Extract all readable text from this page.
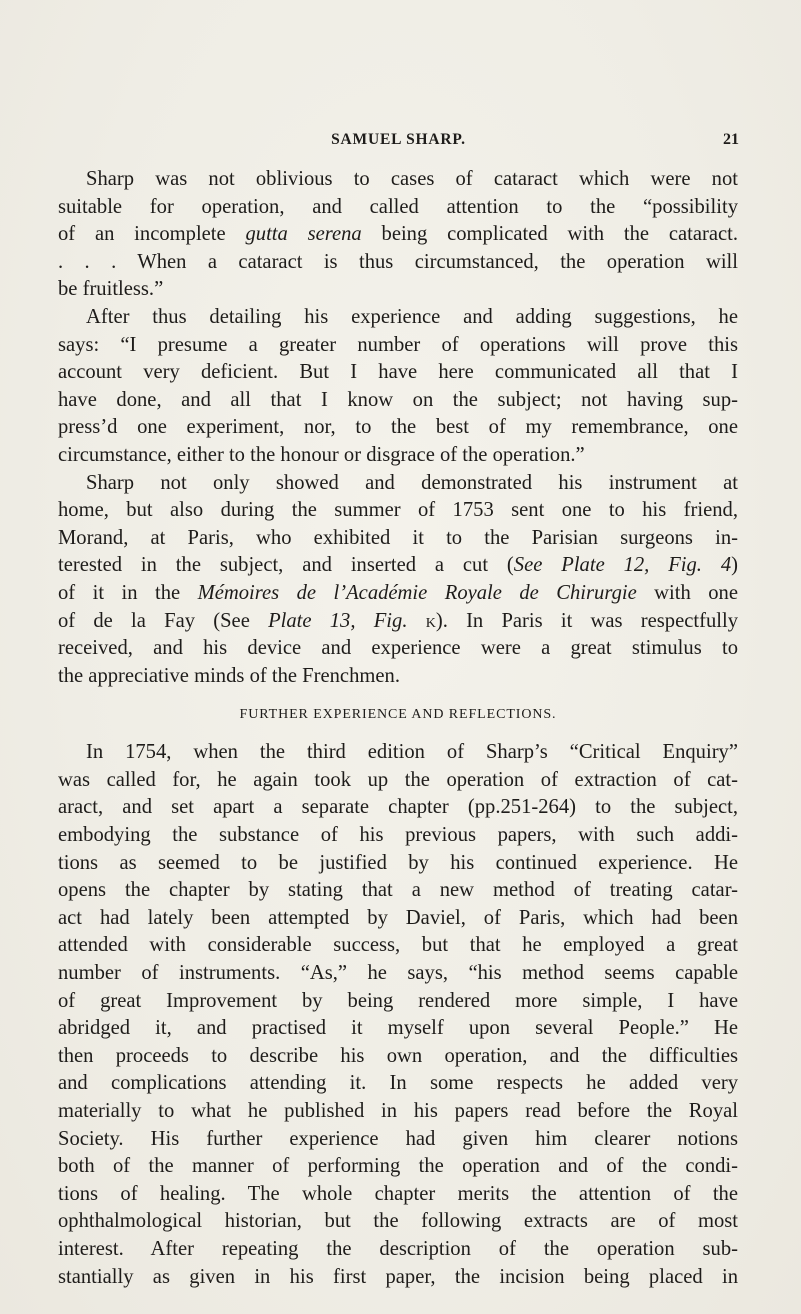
SAMUEL SHARP.	21
Sharp was not oblivious to cases of cataract which were not
suitable for operation, and called attention to the “possibility
of an incomplete gutta serena being complicated with the cataract.
. . . When a cataract is thus circumstanced, the operation will
be fruitless.”
After thus detailing his experience and adding suggestions, he
says: “I presume a greater number of operations will prove this
account very deficient. But I have here communicated all that I
have done, and all that I know on the subject; not having sup-
press’d one experiment, nor, to the best of my remembrance, one
circumstance, either to the honour or disgrace of the operation.”
Sharp not only showed and demonstrated his instrument at
home, but also during the summer of 1753 sent one to his friend,
Morand, at Paris, who exhibited it to the Parisian surgeons in-
terested in the subject, and inserted a cut (See Plate 12, Fig. 4)
of it in the Mémoires de l’Académie Royale de Chirurgie with one
of de la Fay (See Plate 13, Fig. k). In Paris it was respectfully
received, and his device and experience were a great stimulus to
the appreciative minds of the Frenchmen.
FURTHER EXPERIENCE AND REFLECTIONS.
In 1754, when the third edition of Sharp’s “Critical Enquiry”
was called for, he again took up the operation of extraction of cat-
aract, and set apart a separate chapter (pp.251-264) to the subject,
embodying the substance of his previous papers, with such addi-
tions as seemed to be justified by his continued experience. He
opens the chapter by stating that a new method of treating catar-
act had lately been attempted by Daviel, of Paris, which had been
attended with considerable success, but that he employed a great
number of instruments. “As,” he says, “his method seems capable
of great Improvement by being rendered more simple, I have
abridged it, and practised it myself upon several People.” He
then proceeds to describe his own operation, and the difficulties
and complications attending it. In some respects he added very
materially to what he published in his papers read before the Royal
Society. His further experience had given him clearer notions
both of the manner of performing the operation and of the condi-
tions of healing. The whole chapter merits the attention of the
ophthalmological historian, but the following extracts are of most
interest. After repeating the description of the operation sub-
stantially as given in his first paper, the incision being placed in
